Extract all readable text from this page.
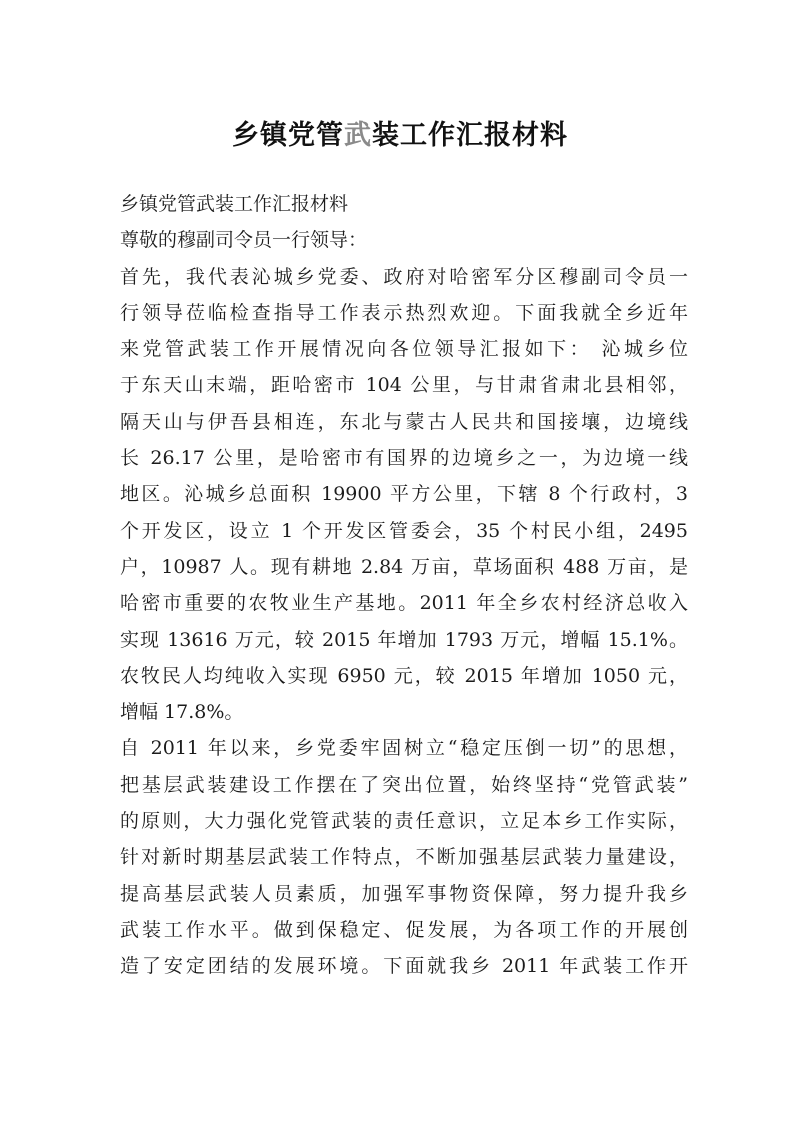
乡镇党管武装工作汇报材料
乡镇党管武装工作汇报材料
尊敬的穆副司令员一行领导：
首先，我代表沁城乡党委、政府对哈密军分区穆副司令员一
行领导莅临检查指导工作表示热烈欢迎。下面我就全乡近年
来党管武装工作开展情况向各位领导汇报如下： 沁城乡位
于东天山末端，距哈密市 104 公里，与甘肃省肃北县相邻，
隔天山与伊吾县相连，东北与蒙古人民共和国接壤，边境线
长 26.17 公里，是哈密市有国界的边境乡之一，为边境一线
地区。沁城乡总面积 19900 平方公里，下辖 8 个行政村，3
个开发区，设立 1 个开发区管委会，35 个村民小组，2495
户，10987 人。现有耕地 2.84 万亩，草场面积 488 万亩，是
哈密市重要的农牧业生产基地。2011 年全乡农村经济总收入
实现 13616 万元，较 2015 年增加 1793 万元，增幅 15.1%。
农牧民人均纯收入实现 6950 元，较 2015 年增加 1050 元，
增幅 17.8%。
自 2011 年以来，乡党委牢固树立“稳定压倒一切”的思想，
把基层武装建设工作摆在了突出位置，始终坚持“党管武装”
的原则，大力强化党管武装的责任意识，立足本乡工作实际，
针对新时期基层武装工作特点，不断加强基层武装力量建设，
提高基层武装人员素质，加强军事物资保障，努力提升我乡
武装工作水平。做到保稳定、促发展，为各项工作的开展创
造了安定团结的发展环境。下面就我乡 2011 年武装工作开
